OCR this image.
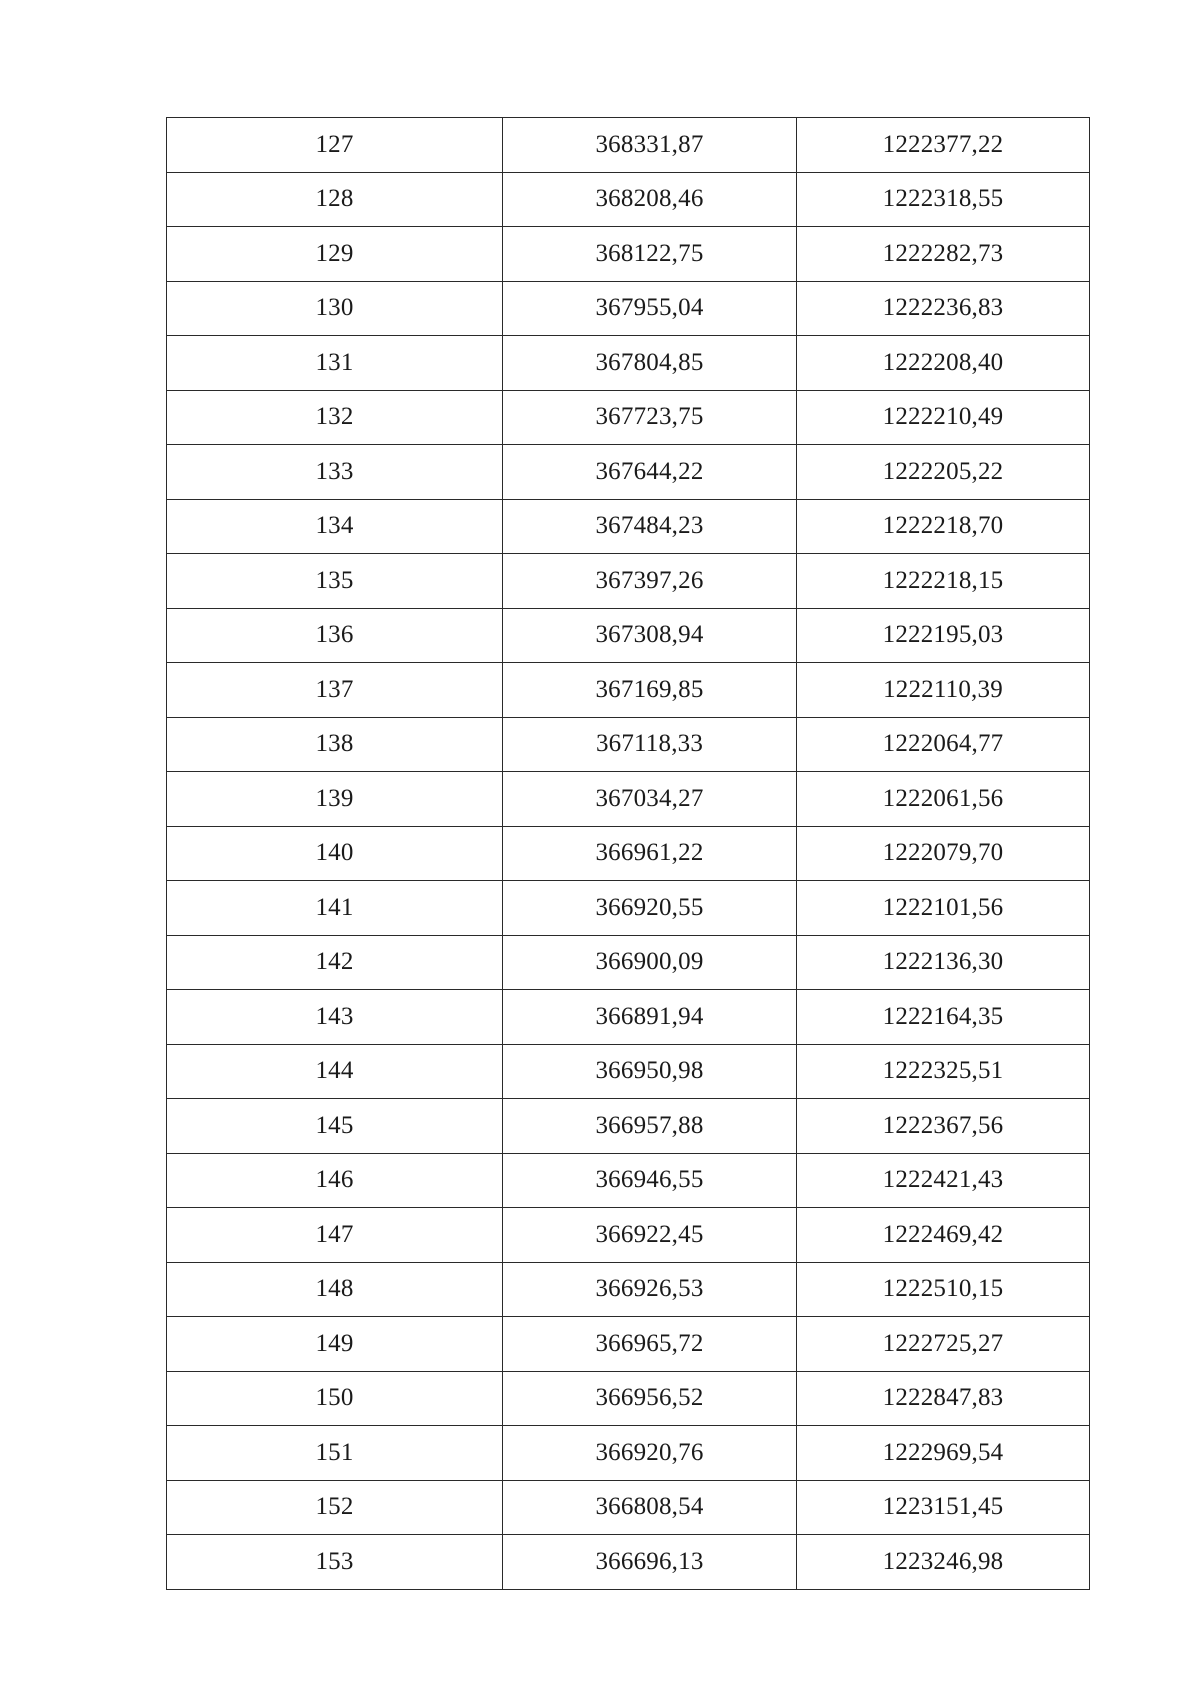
127	368331,87	1222377,22
128	368208,46	1222318,55
129	368122,75	1222282,73
130	367955,04	1222236,83
131	367804,85	1222208,40
132	367723,75	1222210,49
133	367644,22	1222205,22
134	367484,23	1222218,70
135	367397,26	1222218,15
136	367308,94	1222195,03
137	367169,85	1222110,39
138	367118,33	1222064,77
139	367034,27	1222061,56
140	366961,22	1222079,70
141	366920,55	1222101,56
142	366900,09	1222136,30
143	366891,94	1222164,35
144	366950,98	1222325,51
145	366957,88	1222367,56
146	366946,55	1222421,43
147	366922,45	1222469,42
148	366926,53	1222510,15
149	366965,72	1222725,27
150	366956,52	1222847,83
151	366920,76	1222969,54
152	366808,54	1223151,45
153	366696,13	1223246,98
